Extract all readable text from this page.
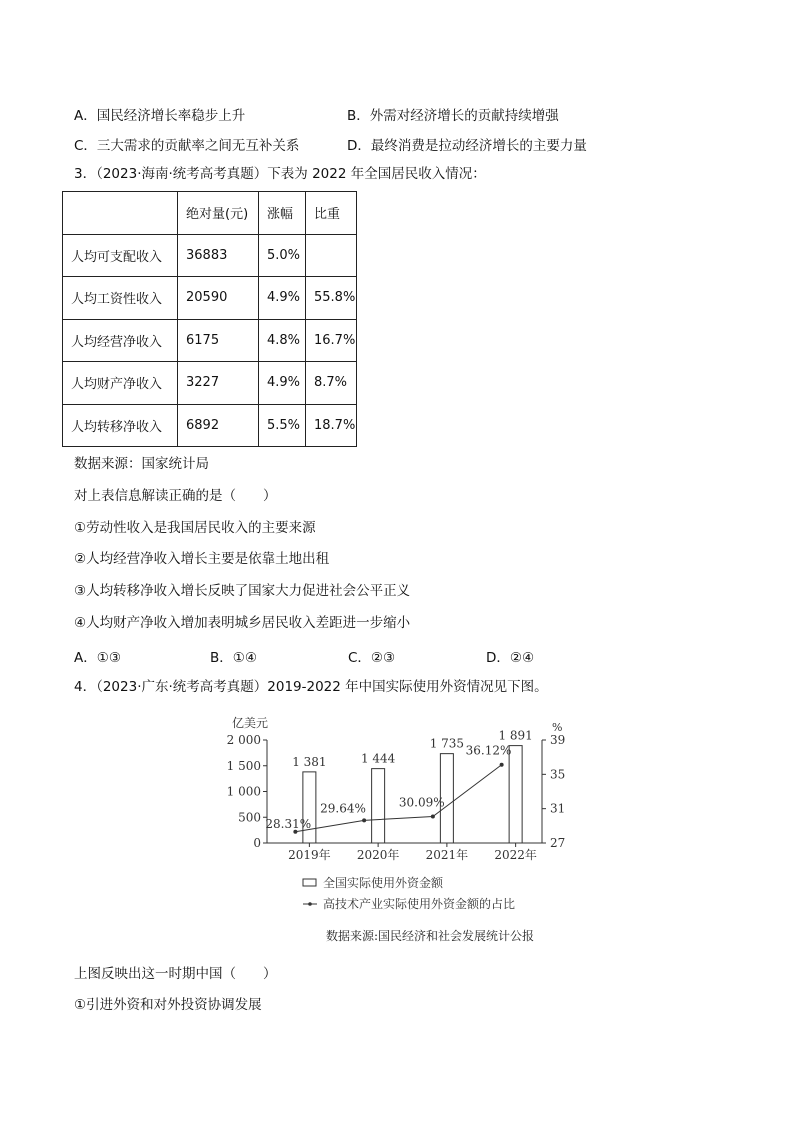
A．国民经济增长率稳步上升	B．外需对经济增长的贡献持续增强
C．三大需求的贡献率之间无互补关系	D．最终消费是拉动经济增长的主要力量
3．（2023·海南·统考高考真题）下表为 2022 年全国居民收入情况：
	绝对量(元)	涨幅	比重
人均可支配收入	36883	5.0%	
人均工资性收入	20590	4.9%	55.8%
人均经营净收入	6175	4.8%	16.7%
人均财产净收入	3227	4.9%	8.7%
人均转移净收入	6892	5.5%	18.7%
数据来源：国家统计局
对上表信息解读正确的是（　　）
①劳动性收入是我国居民收入的主要来源
②人均经营净收入增长主要是依靠土地出租
③人均转移净收入增长反映了国家大力促进社会公平正义
④人均财产净收入增加表明城乡居民收入差距进一步缩小
A．①③	B．①④	C．②③	D．②④
4．（2023·广东·统考高考真题）2019-2022 年中国实际使用外资情况见下图。
亿美元	%
0
500
1 000
1 500
2 000
27
31
35
39
1 381
2019年
1 444
2020年
1 735
2021年
1 891
2022年
28.31%
29.64%	30.09%
36.12%
全国实际使用外资金额
高技术产业实际使用外资金额的占比
数据来源:国民经济和社会发展统计公报
上图反映出这一时期中国（　　）
①引进外资和对外投资协调发展
